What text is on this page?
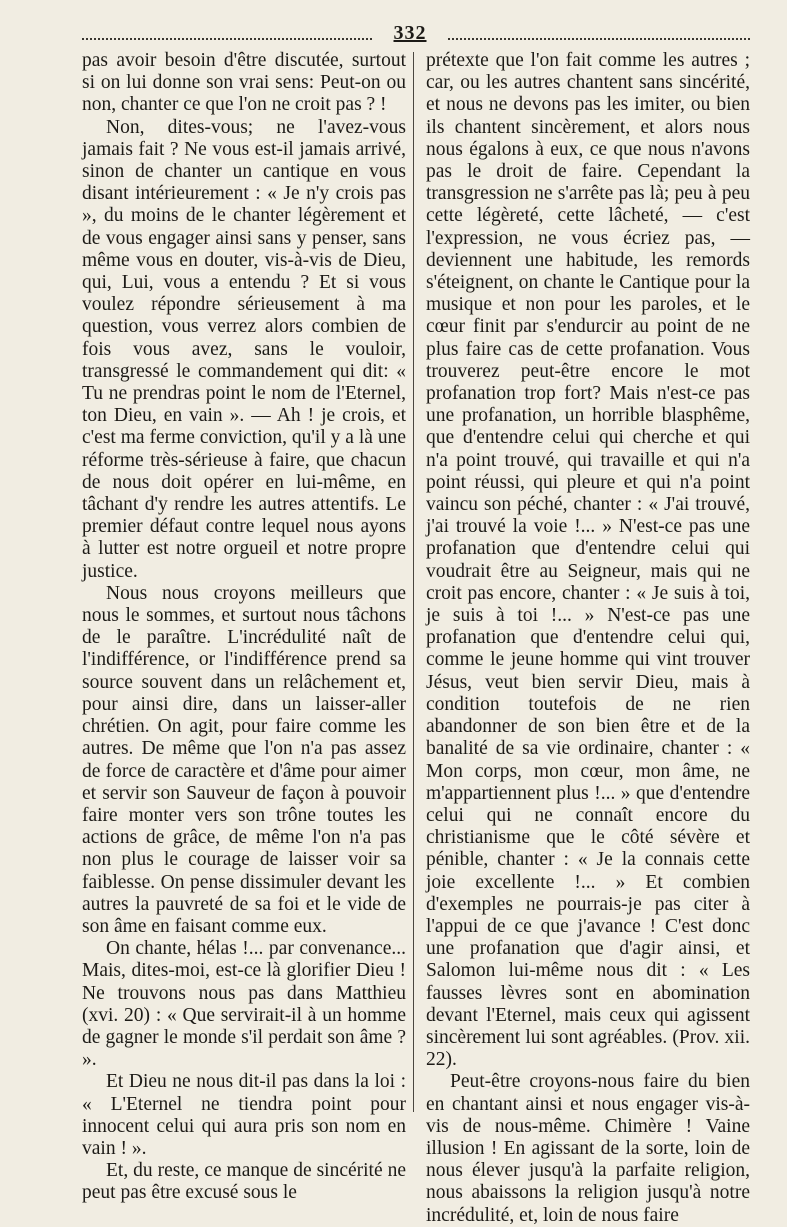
332

pas avoir besoin d'être discutée, surtout si on lui donne son vrai sens: Peut-on ou non, chanter ce que l'on ne croit pas ? !

Non, dites-vous; ne l'avez-vous jamais fait ? Ne vous est-il jamais arrivé, sinon de chanter un cantique en vous disant intérieurement : « Je n'y crois pas », du moins de le chanter légèrement et de vous engager ainsi sans y penser, sans même vous en douter, vis-à-vis de Dieu, qui, Lui, vous a entendu ? Et si vous voulez répondre sérieusement à ma question, vous verrez alors combien de fois vous avez, sans le vouloir, transgressé le commandement qui dit: « Tu ne prendras point le nom de l'Eternel, ton Dieu, en vain ». — Ah ! je crois, et c'est ma ferme conviction, qu'il y a là une réforme très-sérieuse à faire, que chacun de nous doit opérer en lui-même, en tâchant d'y rendre les autres attentifs. Le premier défaut contre lequel nous ayons à lutter est notre orgueil et notre propre justice.

Nous nous croyons meilleurs que nous le sommes, et surtout nous tâchons de le paraître. L'incrédulité naît de l'indifférence, or l'indifférence prend sa source souvent dans un relâchement et, pour ainsi dire, dans un laisser-aller chrétien. On agit, pour faire comme les autres. De même que l'on n'a pas assez de force de caractère et d'âme pour aimer et servir son Sauveur de façon à pouvoir faire monter vers son trône toutes les actions de grâce, de même l'on n'a pas non plus le courage de laisser voir sa faiblesse. On pense dissimuler devant les autres la pauvreté de sa foi et le vide de son âme en faisant comme eux.

On chante, hélas !... par convenance... Mais, dites-moi, est-ce là glorifier Dieu ! Ne trouvons nous pas dans Matthieu (xvi. 20) : « Que servirait-il à un homme de gagner le monde s'il perdait son âme ? ».

Et Dieu ne nous dit-il pas dans la loi : « L'Eternel ne tiendra point pour innocent celui qui aura pris son nom en vain ! ».

Et, du reste, ce manque de sincérité ne peut pas être excusé sous le

prétexte que l'on fait comme les autres ; car, ou les autres chantent sans sincérité, et nous ne devons pas les imiter, ou bien ils chantent sincèrement, et alors nous nous égalons à eux, ce que nous n'avons pas le droit de faire. Cependant la transgression ne s'arrête pas là; peu à peu cette légèreté, cette lâcheté, — c'est l'expression, ne vous écriez pas, — deviennent une habitude, les remords s'éteignent, on chante le Cantique pour la musique et non pour les paroles, et le cœur finit par s'endurcir au point de ne plus faire cas de cette profanation. Vous trouverez peut-être encore le mot profanation trop fort? Mais n'est-ce pas une profanation, un horrible blasphême, que d'entendre celui qui cherche et qui n'a point trouvé, qui travaille et qui n'a point réussi, qui pleure et qui n'a point vaincu son péché, chanter : « J'ai trouvé, j'ai trouvé la voie !... » N'est-ce pas une profanation que d'entendre celui qui voudrait être au Seigneur, mais qui ne croit pas encore, chanter : « Je suis à toi, je suis à toi !... » N'est-ce pas une profanation que d'entendre celui qui, comme le jeune homme qui vint trouver Jésus, veut bien servir Dieu, mais à condition toutefois de ne rien abandonner de son bien être et de la banalité de sa vie ordinaire, chanter : « Mon corps, mon cœur, mon âme, ne m'appartiennent plus !... » que d'entendre celui qui ne connaît encore du christianisme que le côté sévère et pénible, chanter : « Je la connais cette joie excellente !... » Et combien d'exemples ne pourrais-je pas citer à l'appui de ce que j'avance ! C'est donc une profanation que d'agir ainsi, et Salomon lui-même nous dit : « Les fausses lèvres sont en abomination devant l'Eternel, mais ceux qui agissent sincèrement lui sont agréables. (Prov. xii. 22).

Peut-être croyons-nous faire du bien en chantant ainsi et nous engager vis-à-vis de nous-même. Chimère ! Vaine illusion ! En agissant de la sorte, loin de nous élever jusqu'à la parfaite religion, nous abaissons la religion jusqu'à notre incrédulité, et, loin de nous faire
